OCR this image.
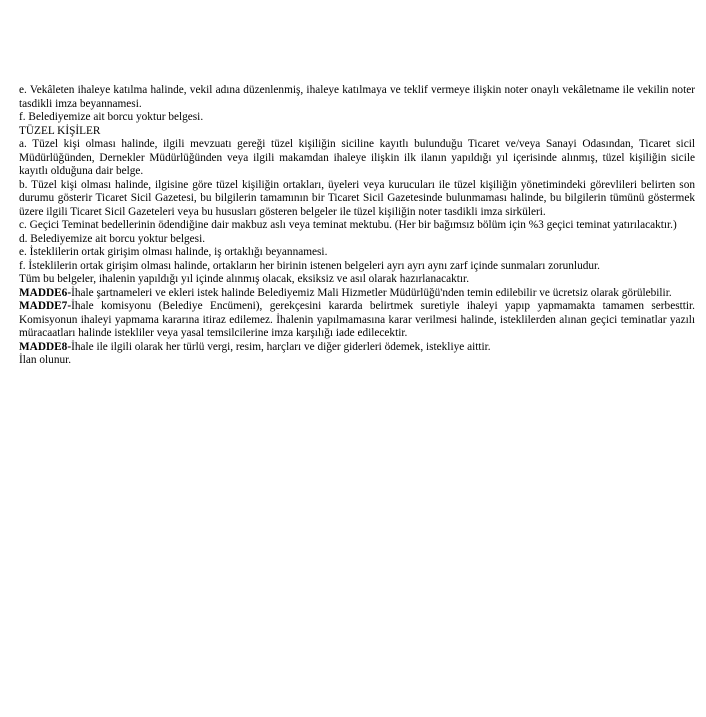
e. Vekâleten ihaleye katılma halinde, vekil adına düzenlenmiş, ihaleye katılmaya ve teklif vermeye ilişkin noter onaylı vekâletname ile vekilin noter tasdikli imza beyannamesi.

f. Belediyemize ait borcu yoktur belgesi.

TÜZEL KİŞİLER

a. Tüzel kişi olması halinde, ilgili mevzuatı gereği tüzel kişiliğin siciline kayıtlı bulunduğu Ticaret ve/veya Sanayi Odasından, Ticaret sicil Müdürlüğünden, Dernekler Müdürlüğünden veya ilgili makamdan ihaleye ilişkin ilk ilanın yapıldığı yıl içerisinde alınmış, tüzel kişiliğin sicile kayıtlı olduğuna dair belge.

b. Tüzel kişi olması halinde, ilgisine göre tüzel kişiliğin ortakları, üyeleri veya kurucuları ile tüzel kişiliğin yönetimindeki görevlileri belirten son durumu gösterir Ticaret Sicil Gazetesi, bu bilgilerin tamamının bir Ticaret Sicil Gazetesinde bulunmaması halinde, bu bilgilerin tümünü göstermek üzere ilgili Ticaret Sicil Gazeteleri veya bu hususları gösteren belgeler ile tüzel kişiliğin noter tasdikli imza sirküleri.

c. Geçici Teminat bedellerinin ödendiğine dair makbuz aslı veya teminat mektubu. (Her bir bağımsız bölüm için %3 geçici teminat yatırılacaktır.)

d. Belediyemize ait borcu yoktur belgesi.

e. İsteklilerin ortak girişim olması halinde, iş ortaklığı beyannamesi.

f. İsteklilerin ortak girişim olması halinde, ortakların her birinin istenen belgeleri ayrı ayrı aynı zarf içinde sunmaları zorunludur.

Tüm bu belgeler, ihalenin yapıldığı yıl içinde alınmış olacak, eksiksiz ve asıl olarak hazırlanacaktır.

MADDE6-İhale şartnameleri ve ekleri istek halinde Belediyemiz Mali Hizmetler Müdürlüğü'nden temin edilebilir ve ücretsiz olarak görülebilir.

MADDE7-İhale komisyonu (Belediye Encümeni), gerekçesini kararda belirtmek suretiyle ihaleyi yapıp yapmamakta tamamen serbesttir. Komisyonun ihaleyi yapmama kararına itiraz edilemez. İhalenin yapılmamasına karar verilmesi halinde, isteklilerden alınan geçici teminatlar yazılı müracaatları halinde istekliler veya yasal temsilcilerine imza karşılığı iade edilecektir.

MADDE8-İhale ile ilgili olarak her türlü vergi, resim, harçları ve diğer giderleri ödemek, istekliye aittir.

İlan olunur.
